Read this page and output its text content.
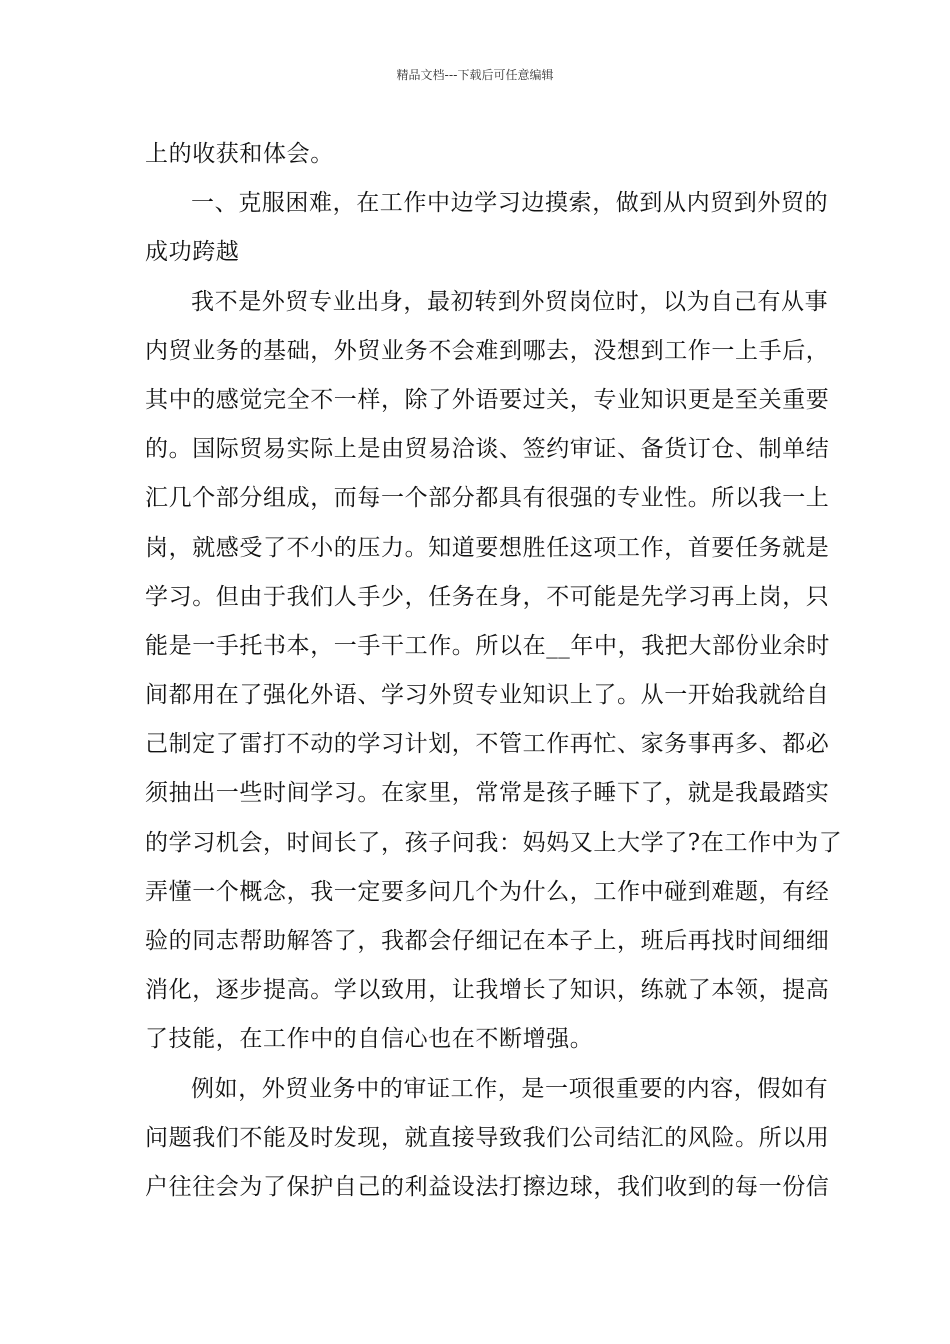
精品文档---下载后可任意编辑
上的收获和体会。
一、克服困难，在工作中边学习边摸索，做到从内贸到外贸的
成功跨越
我不是外贸专业出身，最初转到外贸岗位时，以为自己有从事
内贸业务的基础，外贸业务不会难到哪去，没想到工作一上手后，
其中的感觉完全不一样，除了外语要过关，专业知识更是至关重要
的。国际贸易实际上是由贸易洽谈、签约审证、备货订仓、制单结
汇几个部分组成，而每一个部分都具有很强的专业性。所以我一上
岗，就感受了不小的压力。知道要想胜任这项工作，首要任务就是
学习。但由于我们人手少，任务在身，不可能是先学习再上岗，只
能是一手托书本，一手干工作。所以在__年中，我把大部份业余时
间都用在了强化外语、学习外贸专业知识上了。从一开始我就给自
己制定了雷打不动的学习计划，不管工作再忙、家务事再多、都必
须抽出一些时间学习。在家里，常常是孩子睡下了，就是我最踏实
的学习机会，时间长了，孩子问我：妈妈又上大学了?在工作中为了
弄懂一个概念，我一定要多问几个为什么，工作中碰到难题，有经
验的同志帮助解答了，我都会仔细记在本子上，班后再找时间细细
消化，逐步提高。学以致用，让我增长了知识，练就了本领，提高
了技能，在工作中的自信心也在不断增强。
例如，外贸业务中的审证工作，是一项很重要的内容，假如有
问题我们不能及时发现，就直接导致我们公司结汇的风险。所以用
户往往会为了保护自己的利益设法打擦边球，我们收到的每一份信
